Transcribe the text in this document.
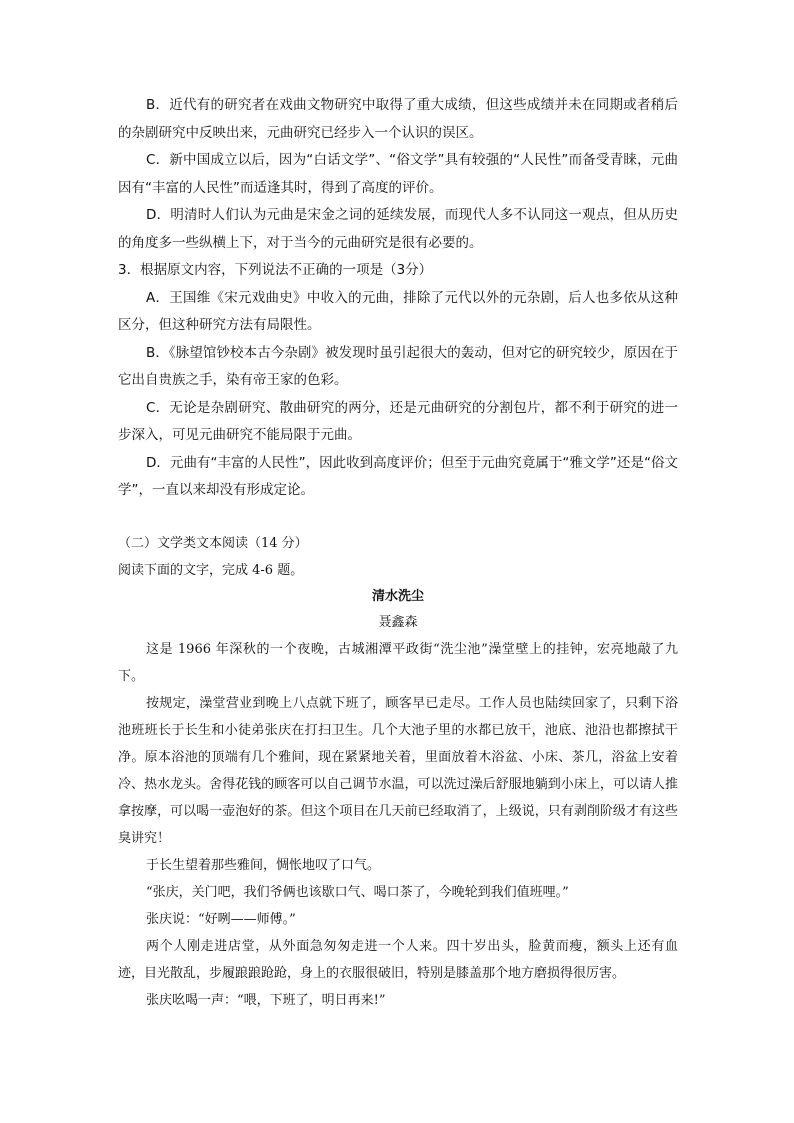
B．近代有的研究者在戏曲文物研究中取得了重大成绩，但这些成绩并未在同期或者稍后的杂剧研究中反映出来，元曲研究已经步入一个认识的误区。

C．新中国成立以后，因为“白话文学”、“俗文学”具有较强的“人民性”而备受青睐，元曲因有“丰富的人民性”而适逢其时，得到了高度的评价。

D．明清时人们认为元曲是宋金之词的延续发展，而现代人多不认同这一观点，但从历史的角度多一些纵横上下，对于当今的元曲研究是很有必要的。

3．根据原文内容，下列说法不正确的一项是（3分）

A．王国维《宋元戏曲史》中收入的元曲，排除了元代以外的元杂剧，后人也多依从这种区分，但这种研究方法有局限性。

B．《脉望馆钞校本古今杂剧》被发现时虽引起很大的轰动，但对它的研究较少，原因在于它出自贵族之手，染有帝王家的色彩。

C．无论是杂剧研究、散曲研究的两分，还是元曲研究的分割包片，都不利于研究的进一步深入，可见元曲研究不能局限于元曲。

D．元曲有“丰富的人民性”，因此收到高度评价；但至于元曲究竟属于“雅文学”还是“俗文学”，一直以来却没有形成定论。

（二）文学类文本阅读（14 分）

阅读下面的文字，完成 4-6 题。

清水洗尘

聂鑫森

这是 1966 年深秋的一个夜晚，古城湘潭平政街“洗尘池”澡堂壁上的挂钟，宏亮地敲了九下。

按规定，澡堂营业到晚上八点就下班了，顾客早已走尽。工作人员也陆续回家了，只剩下浴池班班长于长生和小徒弟张庆在打扫卫生。几个大池子里的水都已放干，池底、池沿也都擦拭干净。原本浴池的顶端有几个雅间，现在紧紧地关着，里面放着木浴盆、小床、茶几，浴盆上安着冷、热水龙头。舍得花钱的顾客可以自己调节水温，可以洗过澡后舒服地躺到小床上，可以请人推拿按摩，可以喝一壶泡好的茶。但这个项目在几天前已经取消了，上级说，只有剥削阶级才有这些臭讲究！

于长生望着那些雅间，惆怅地叹了口气。

“张庆，关门吧，我们爷俩也该歇口气、喝口茶了，今晚轮到我们值班哩。”

张庆说：“好咧——师傅。”

两个人刚走进店堂，从外面急匆匆走进一个人来。四十岁出头，脸黄而瘦，额头上还有血迹，目光散乱，步履踉踉跄跄，身上的衣服很破旧，特别是膝盖那个地方磨损得很厉害。

张庆吆喝一声：“喂，下班了，明日再来!”
